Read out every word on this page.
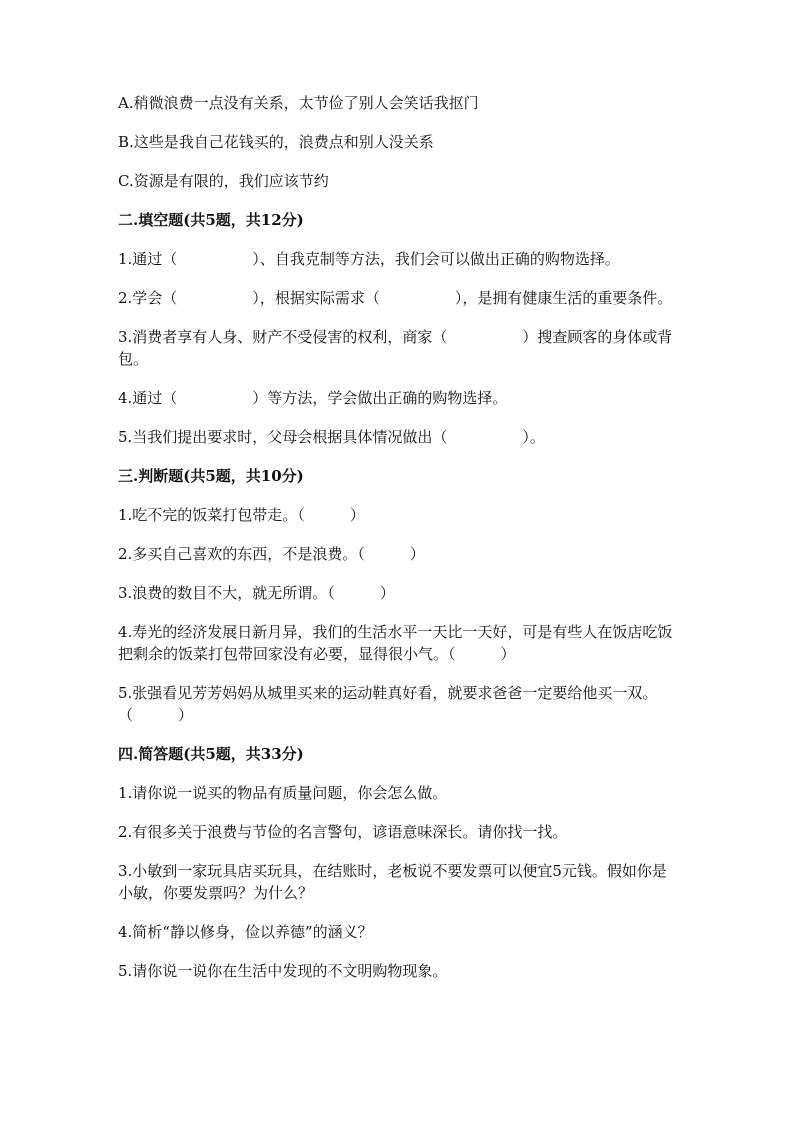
A.稍微浪费一点没有关系，太节俭了别人会笑话我抠门

B.这些是我自己花钱买的，浪费点和别人没关系

C.资源是有限的，我们应该节约

二.填空题(共5题，共12分)

1.通过（　　　　　）、自我克制等方法，我们会可以做出正确的购物选择。

2.学会（　　　　　），根据实际需求（　　　　　），是拥有健康生活的重要条件。

3.消费者享有人身、财产不受侵害的权利，商家（　　　　　）搜查顾客的身体或背包。

4.通过（　　　　　）等方法，学会做出正确的购物选择。

5.当我们提出要求时，父母会根据具体情况做出（　　　　　）。

三.判断题(共5题，共10分)

1.吃不完的饭菜打包带走。（　　　）

2.多买自己喜欢的东西，不是浪费。（　　　）

3.浪费的数目不大，就无所谓。（　　　）

4.寿光的经济发展日新月异，我们的生活水平一天比一天好，可是有些人在饭店吃饭把剩余的饭菜打包带回家没有必要，显得很小气。（　　　）

5.张强看见芳芳妈妈从城里买来的运动鞋真好看，就要求爸爸一定要给他买一双。（　　　）

四.简答题(共5题，共33分)

1.请你说一说买的物品有质量问题，你会怎么做。

2.有很多关于浪费与节俭的名言警句，谚语意味深长。请你找一找。

3.小敏到一家玩具店买玩具，在结账时，老板说不要发票可以便宜5元钱。假如你是小敏，你要发票吗？为什么？

4.简析“静以修身，俭以养德”的涵义？

5.请你说一说你在生活中发现的不文明购物现象。
